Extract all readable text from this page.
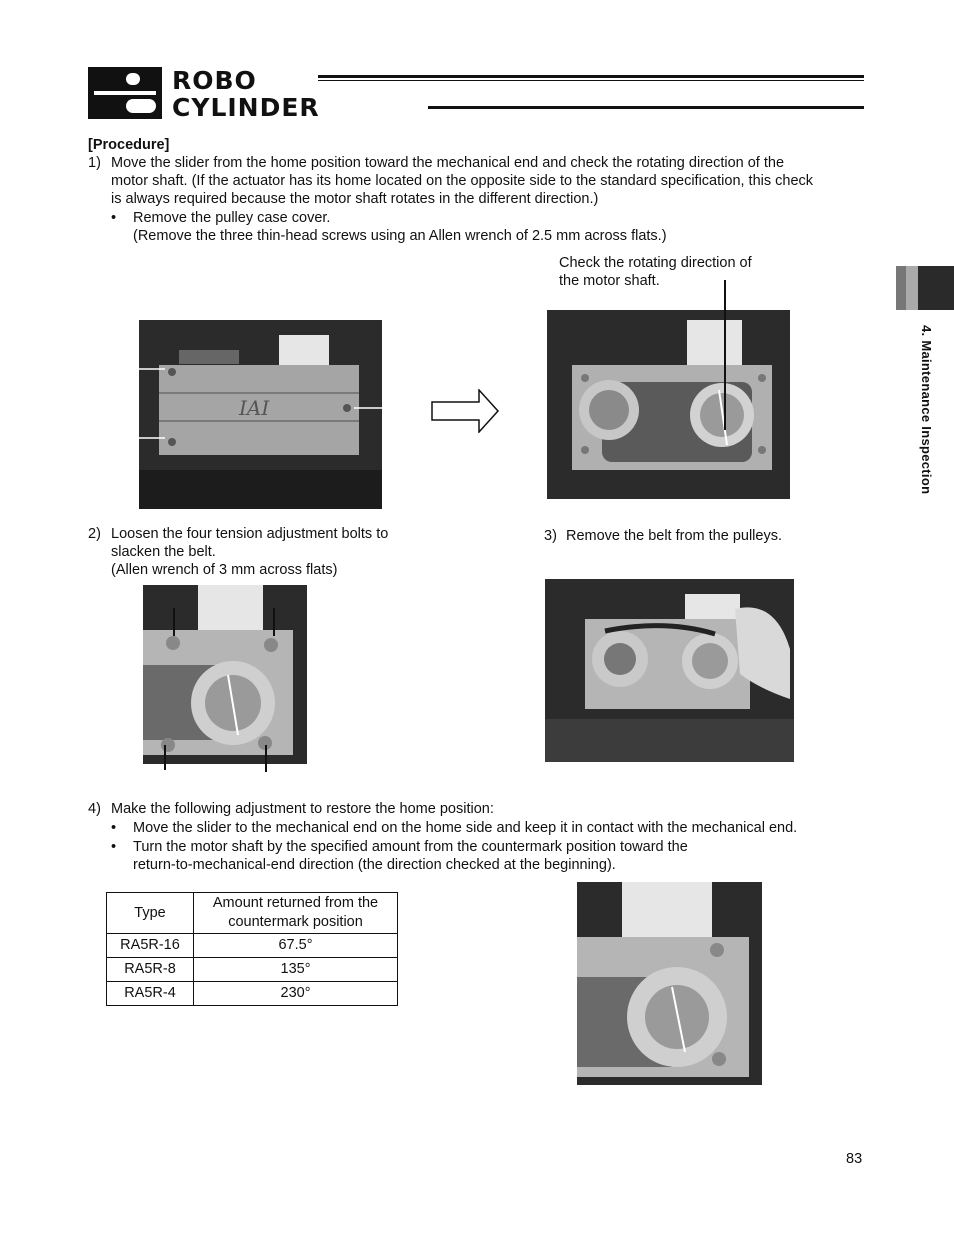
ROBO
CYLINDER
4. Maintenance Inspection
[Procedure]
1) Move the slider from the home position toward the mechanical end and check the rotating direction of the
motor shaft. (If the actuator has its home located on the opposite side to the standard specification, this check
is always required because the motor shaft rotates in the different direction.)
• Remove the pulley case cover.
(Remove the three thin-head screws using an Allen wrench of 2.5 mm across flats.)
Check the rotating direction of
the motor shaft.
IAI
2) Loosen the four tension adjustment bolts to
slacken the belt.
(Allen wrench of 3 mm across flats)
3) Remove the belt from the pulleys.
4) Make the following adjustment to restore the home position:
• Move the slider to the mechanical end on the home side and keep it in contact with the mechanical end.
• Turn the motor shaft by the specified amount from the countermark position toward the
return-to-mechanical-end direction (the direction checked at the beginning).
Type	Amount returned from the
countermark position
RA5R-16	67.5°
RA5R-8	135°
RA5R-4	230°
83
